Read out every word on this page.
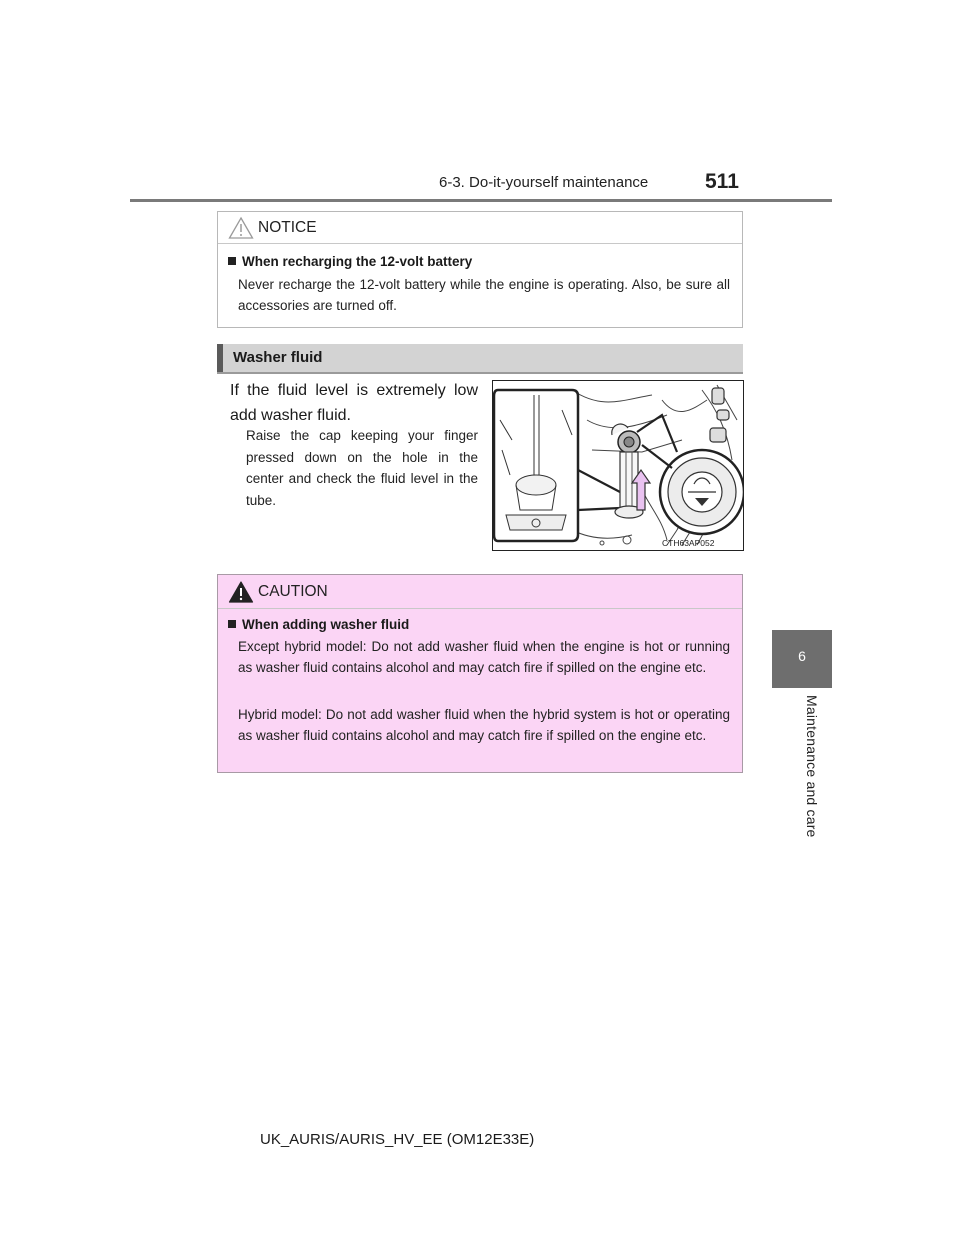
6-3. Do-it-yourself maintenance	511
6
Maintenance and care
NOTICE
When recharging the 12-volt battery
Never recharge the 12-volt battery while the engine is operating. Also, be sure all accessories are turned off.
Washer fluid
If the fluid level is extremely low add washer fluid.
Raise the cap keeping your finger pressed down on the hole in the center and check the fluid level in the tube.
CTH63AP052
CAUTION
When adding washer fluid
Except hybrid model: Do not add washer fluid when the engine is hot or running as washer fluid contains alcohol and may catch fire if spilled on the engine etc.
Hybrid model: Do not add washer fluid when the hybrid system is hot or operating as washer fluid contains alcohol and may catch fire if spilled on the engine etc.
UK_AURIS/AURIS_HV_EE (OM12E33E)
